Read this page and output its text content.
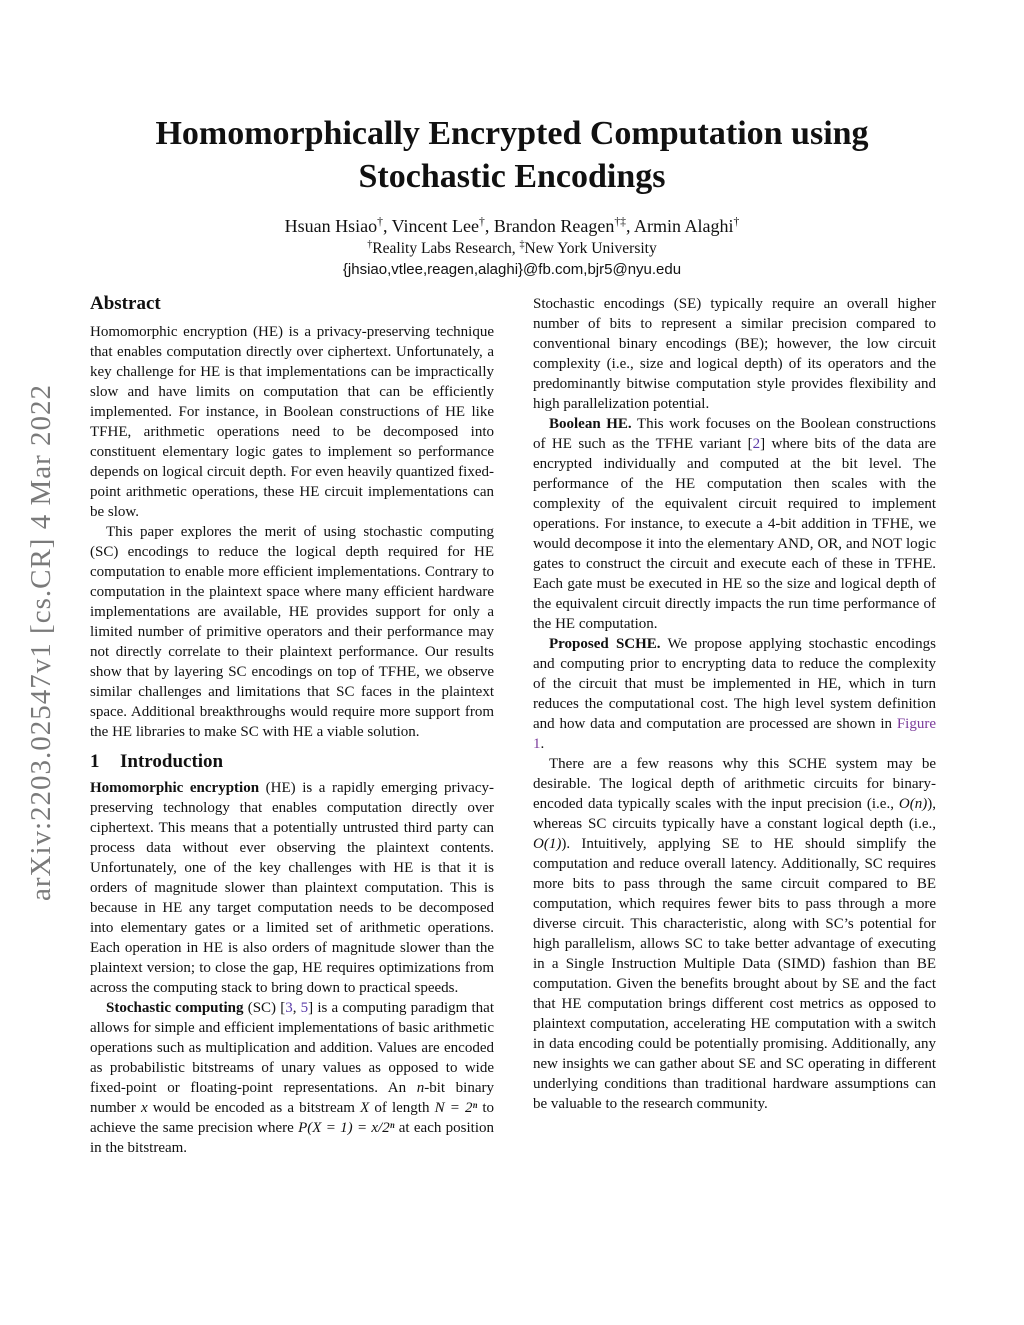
arXiv:2203.02547v1 [cs.CR] 4 Mar 2022
Homomorphically Encrypted Computation using
Stochastic Encodings
Hsuan Hsiao†, Vincent Lee†, Brandon Reagen†‡, Armin Alaghi†
†Reality Labs Research, ‡New York University
{jhsiao,vtlee,reagen,alaghi}@fb.com,bjr5@nyu.edu
Abstract

Homomorphic encryption (HE) is a privacy-preserving technique that enables computation directly over ciphertext. Unfortunately, a key challenge for HE is that implementations can be impractically slow and have limits on computation that can be efficiently implemented. For instance, in Boolean constructions of HE like TFHE, arithmetic operations need to be decomposed into constituent elementary logic gates to implement so performance depends on logical circuit depth. For even heavily quantized fixed-point arithmetic operations, these HE circuit implementations can be slow.

This paper explores the merit of using stochastic computing (SC) encodings to reduce the logical depth required for HE computation to enable more efficient implementations. Contrary to computation in the plaintext space where many efficient hardware implementations are available, HE provides support for only a limited number of primitive operators and their performance may not directly correlate to their plaintext performance. Our results show that by layering SC encodings on top of TFHE, we observe similar challenges and limitations that SC faces in the plaintext space. Additional breakthroughs would require more support from the HE libraries to make SC with HE a viable solution.

1 Introduction

Homomorphic encryption (HE) is a rapidly emerging privacy-preserving technology that enables computation directly over ciphertext. This means that a potentially untrusted third party can process data without ever observing the plaintext contents. Unfortunately, one of the key challenges with HE is that it is orders of magnitude slower than plaintext computation. This is because in HE any target computation needs to be decomposed into elementary gates or a limited set of arithmetic operations. Each operation in HE is also orders of magnitude slower than the plaintext version; to close the gap, HE requires optimizations from across the computing stack to bring down to practical speeds.

Stochastic computing (SC) [3, 5] is a computing paradigm that allows for simple and efficient implementations of basic arithmetic operations such as multiplication and addition. Values are encoded as probabilistic bitstreams of unary values as opposed to wide fixed-point or floating-point representations. An n-bit binary number x would be encoded as a bitstream X of length N = 2ⁿ to achieve the same precision where P(X = 1) = x/2ⁿ at each position in the bitstream.

Stochastic encodings (SE) typically require an overall higher number of bits to represent a similar precision compared to conventional binary encodings (BE); however, the low circuit complexity (i.e., size and logical depth) of its operators and the predominantly bitwise computation style provides flexibility and high parallelization potential.

Boolean HE. This work focuses on the Boolean constructions of HE such as the TFHE variant [2] where bits of the data are encrypted individually and computed at the bit level. The performance of the HE computation then scales with the complexity of the equivalent circuit required to implement operations. For instance, to execute a 4-bit addition in TFHE, we would decompose it into the elementary AND, OR, and NOT logic gates to construct the circuit and execute each of these in TFHE. Each gate must be executed in HE so the size and logical depth of the equivalent circuit directly impacts the run time performance of the HE computation.

Proposed SCHE. We propose applying stochastic encodings and computing prior to encrypting data to reduce the complexity of the circuit that must be implemented in HE, which in turn reduces the computational cost. The high level system definition and how data and computation are processed are shown in Figure 1.

There are a few reasons why this SCHE system may be desirable. The logical depth of arithmetic circuits for binary-encoded data typically scales with the input precision (i.e., O(n)), whereas SC circuits typically have a constant logical depth (i.e., O(1)). Intuitively, applying SE to HE should simplify the computation and reduce overall latency. Additionally, SC requires more bits to pass through the same circuit compared to BE computation, which requires fewer bits to pass through a more diverse circuit. This characteristic, along with SC’s potential for high parallelism, allows SC to take better advantage of executing in a Single Instruction Multiple Data (SIMD) fashion than BE computation. Given the benefits brought about by SE and the fact that HE computation brings different cost metrics as opposed to plaintext computation, accelerating HE computation with a switch in data encoding could be potentially promising. Additionally, any new insights we can gather about SE and SC operating in different underlying conditions than traditional hardware assumptions can be valuable to the research community.
